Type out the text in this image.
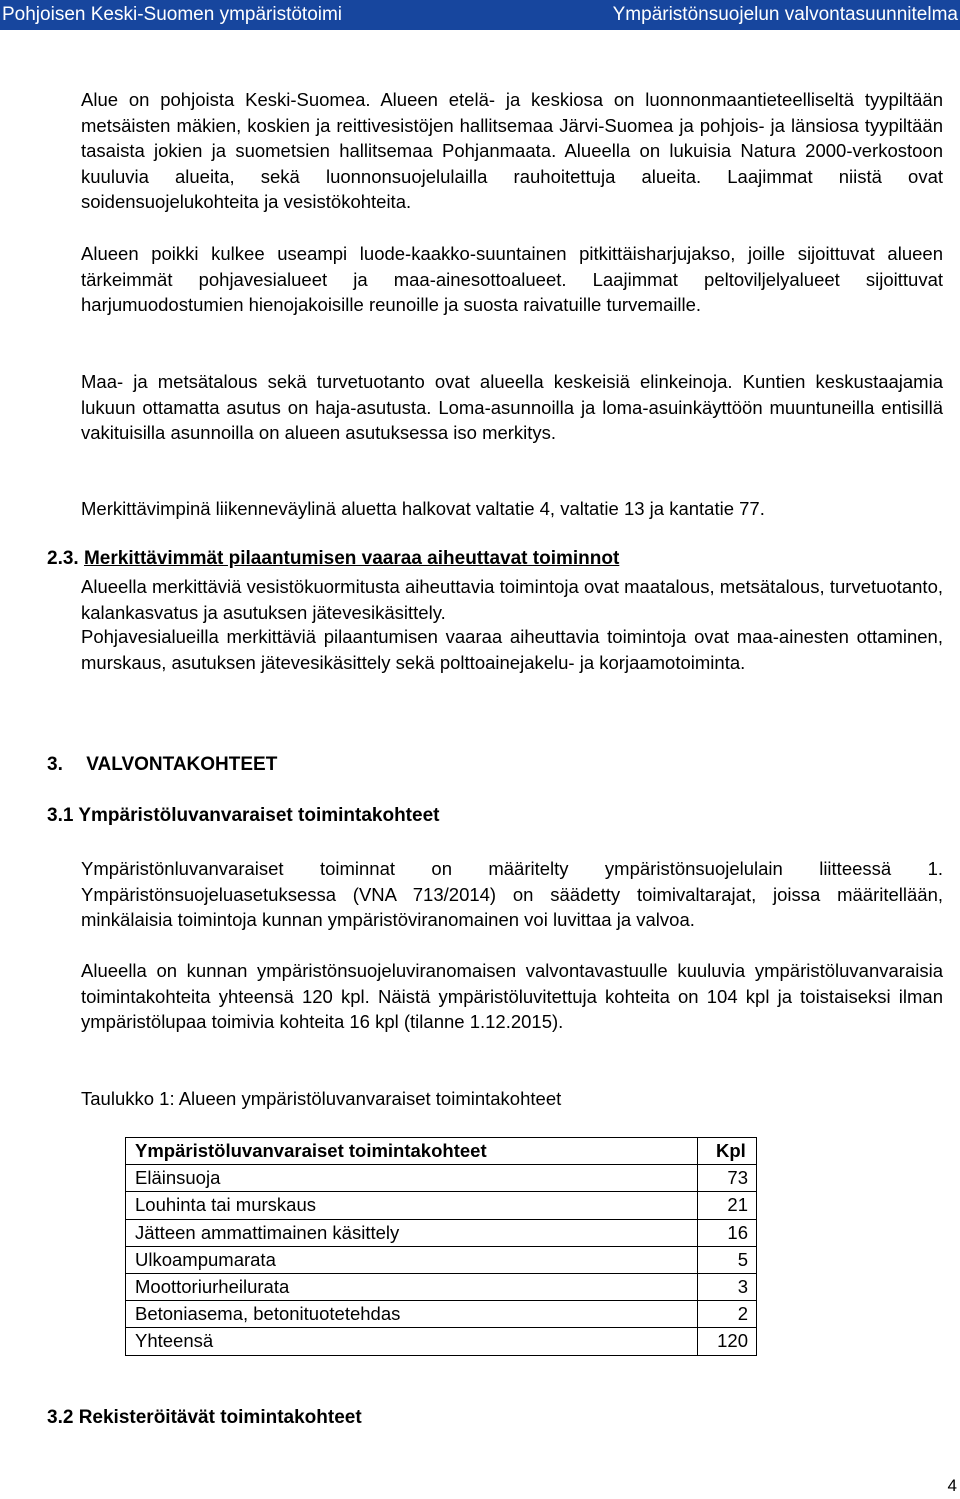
Pohjoisen Keski-Suomen ympäristötoimi	Ympäristönsuojelun valvontasuunnitelma

Alue on pohjoista Keski-Suomea. Alueen etelä- ja keskiosa on luonnonmaantieteelliseltä tyypiltään metsäisten mäkien, koskien ja reittivesistöjen hallitsemaa Järvi-Suomea ja pohjois- ja länsiosa tyypiltään tasaista jokien ja suometsien hallitsemaa Pohjanmaata. Alueella on lukuisia Natura 2000-verkostoon kuuluvia alueita, sekä luonnonsuojelulailla rauhoitettuja alueita. Laajimmat niistä ovat soidensuojelukohteita ja vesistökohteita.

Alueen poikki kulkee useampi luode-kaakko-suuntainen pitkittäisharjujakso, joille sijoittuvat alueen tärkeimmät pohjavesialueet ja maa-ainesottoalueet. Laajimmat peltoviljelyalueet sijoittuvat harjumuodostumien hienojakoisille reunoille ja suosta raivatuille turvemaille.

Maa- ja metsätalous sekä turvetuotanto ovat alueella keskeisiä elinkeinoja. Kuntien keskustaajamia lukuun ottamatta asutus on haja-asutusta. Loma-asunnoilla ja loma-asuinkäyttöön muuntuneilla entisillä vakituisilla asunnoilla on alueen asutuksessa iso merkitys.

Merkittävimpinä liikenneväylinä aluetta halkovat valtatie 4, valtatie 13 ja kantatie 77.

2.3. Merkittävimmät pilaantumisen vaaraa aiheuttavat toiminnot

Alueella merkittäviä vesistökuormitusta aiheuttavia toimintoja ovat maatalous, metsätalous, turvetuotanto, kalankasvatus ja asutuksen jätevesikäsittely.

Pohjavesialueilla merkittäviä pilaantumisen vaaraa aiheuttavia toimintoja ovat maa-ainesten ottaminen, murskaus, asutuksen jätevesikäsittely sekä polttoainejakelu- ja korjaamotoiminta.

3. VALVONTAKOHTEET
3.1 Ympäristöluvanvaraiset toimintakohteet

Ympäristönluvanvaraiset toiminnat on määritelty ympäristönsuojelulain liitteessä 1. Ympäristönsuojeluasetuksessa (VNA 713/2014) on säädetty toimivaltarajat, joissa määritellään, minkälaisia toimintoja kunnan ympäristöviranomainen voi luvittaa ja valvoa.

Alueella on kunnan ympäristönsuojeluviranomaisen valvontavastuulle kuuluvia ympäristöluvanvaraisia toimintakohteita yhteensä 120 kpl. Näistä ympäristöluvitettuja kohteita on 104 kpl ja toistaiseksi ilman ympäristölupaa toimivia kohteita 16 kpl (tilanne 1.12.2015).

Taulukko 1: Alueen ympäristöluvanvaraiset toimintakohteet

Ympäristöluvanvaraiset toimintakohteet	Kpl
Eläinsuoja	73
Louhinta tai murskaus	21
Jätteen ammattimainen käsittely	16
Ulkoampumarata	5
Moottoriurheilurata	3
Betoniasema, betonituotetehdas	2
Yhteensä	120
3.2 Rekisteröitävät toimintakohteet
4
